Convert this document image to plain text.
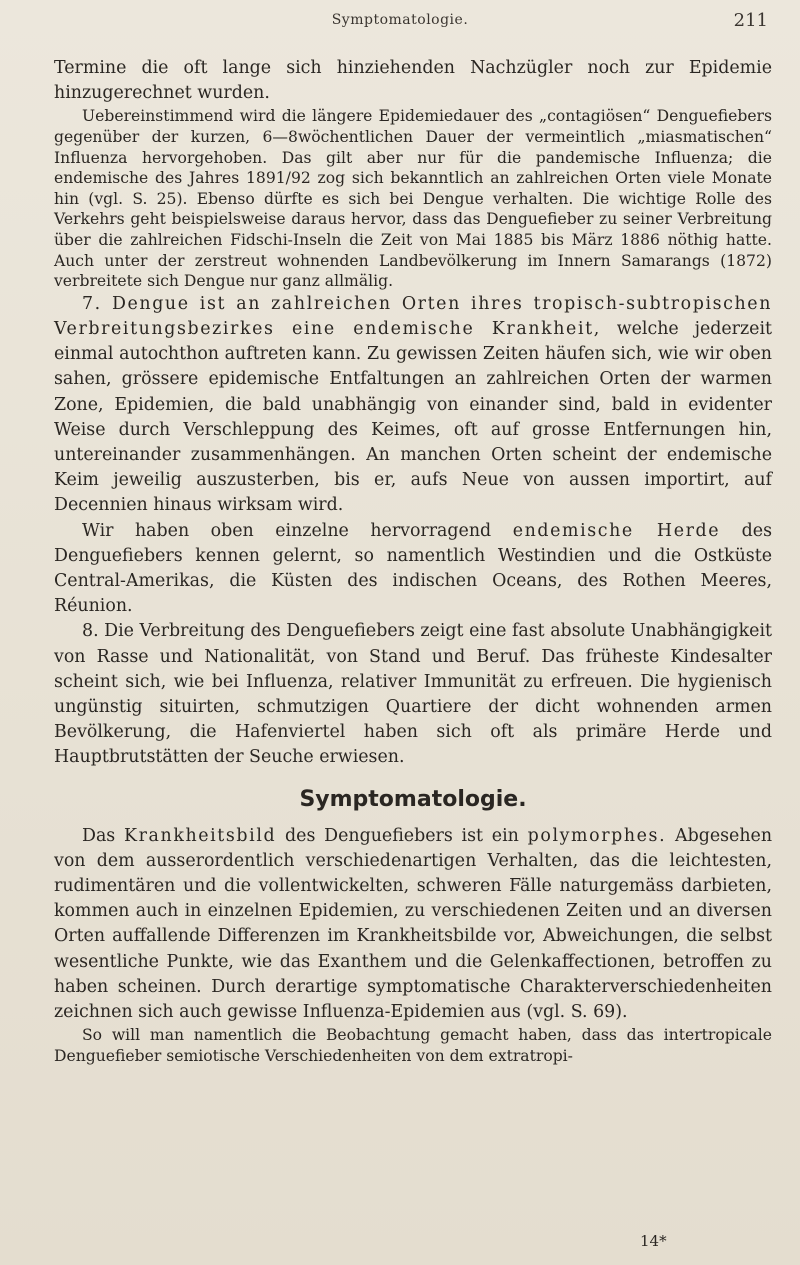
Symptomatologie.	211

Termine die oft lange sich hinziehenden Nachzügler noch zur Epidemie hinzugerechnet wurden.

Uebereinstimmend wird die längere Epidemiedauer des „contagiösen“ Denguefiebers gegenüber der kurzen, 6—8wöchentlichen Dauer der vermeintlich „miasmatischen“ Influenza hervorgehoben. Das gilt aber nur für die pandemische Influenza; die endemische des Jahres 1891/92 zog sich bekanntlich an zahlreichen Orten viele Monate hin (vgl. S. 25). Ebenso dürfte es sich bei Dengue verhalten. Die wichtige Rolle des Verkehrs geht beispielsweise daraus hervor, dass das Denguefieber zu seiner Verbreitung über die zahlreichen Fidschi-Inseln die Zeit von Mai 1885 bis März 1886 nöthig hatte. Auch unter der zerstreut wohnenden Landbevölkerung im Innern Samarangs (1872) verbreitete sich Dengue nur ganz allmälig.

7. Dengue ist an zahlreichen Orten ihres tropisch-subtropischen Verbreitungsbezirkes eine endemische Krankheit, welche jederzeit einmal autochthon auftreten kann. Zu gewissen Zeiten häufen sich, wie wir oben sahen, grössere epidemische Entfaltungen an zahlreichen Orten der warmen Zone, Epidemien, die bald unabhängig von einander sind, bald in evidenter Weise durch Verschleppung des Keimes, oft auf grosse Entfernungen hin, untereinander zusammenhängen. An manchen Orten scheint der endemische Keim jeweilig auszusterben, bis er, aufs Neue von aussen importirt, auf Decennien hinaus wirksam wird.

Wir haben oben einzelne hervorragend endemische Herde des Denguefiebers kennen gelernt, so namentlich Westindien und die Ostküste Central-Amerikas, die Küsten des indischen Oceans, des Rothen Meeres, Réunion.

8. Die Verbreitung des Denguefiebers zeigt eine fast absolute Unabhängigkeit von Rasse und Nationalität, von Stand und Beruf. Das früheste Kindesalter scheint sich, wie bei Influenza, relativer Immunität zu erfreuen. Die hygienisch ungünstig situirten, schmutzigen Quartiere der dicht wohnenden armen Bevölkerung, die Hafenviertel haben sich oft als primäre Herde und Hauptbrutstätten der Seuche erwiesen.

Symptomatologie.

Das Krankheitsbild des Denguefiebers ist ein polymorphes. Abgesehen von dem ausserordentlich verschiedenartigen Verhalten, das die leichtesten, rudimentären und die vollentwickelten, schweren Fälle naturgemäss darbieten, kommen auch in einzelnen Epidemien, zu verschiedenen Zeiten und an diversen Orten auffallende Differenzen im Krankheitsbilde vor, Abweichungen, die selbst wesentliche Punkte, wie das Exanthem und die Gelenkaffectionen, betroffen zu haben scheinen. Durch derartige symptomatische Charakterverschiedenheiten zeichnen sich auch gewisse Influenza-Epidemien aus (vgl. S. 69).

So will man namentlich die Beobachtung gemacht haben, dass das intertropicale Denguefieber semiotische Verschiedenheiten von dem extratropi-

14*
